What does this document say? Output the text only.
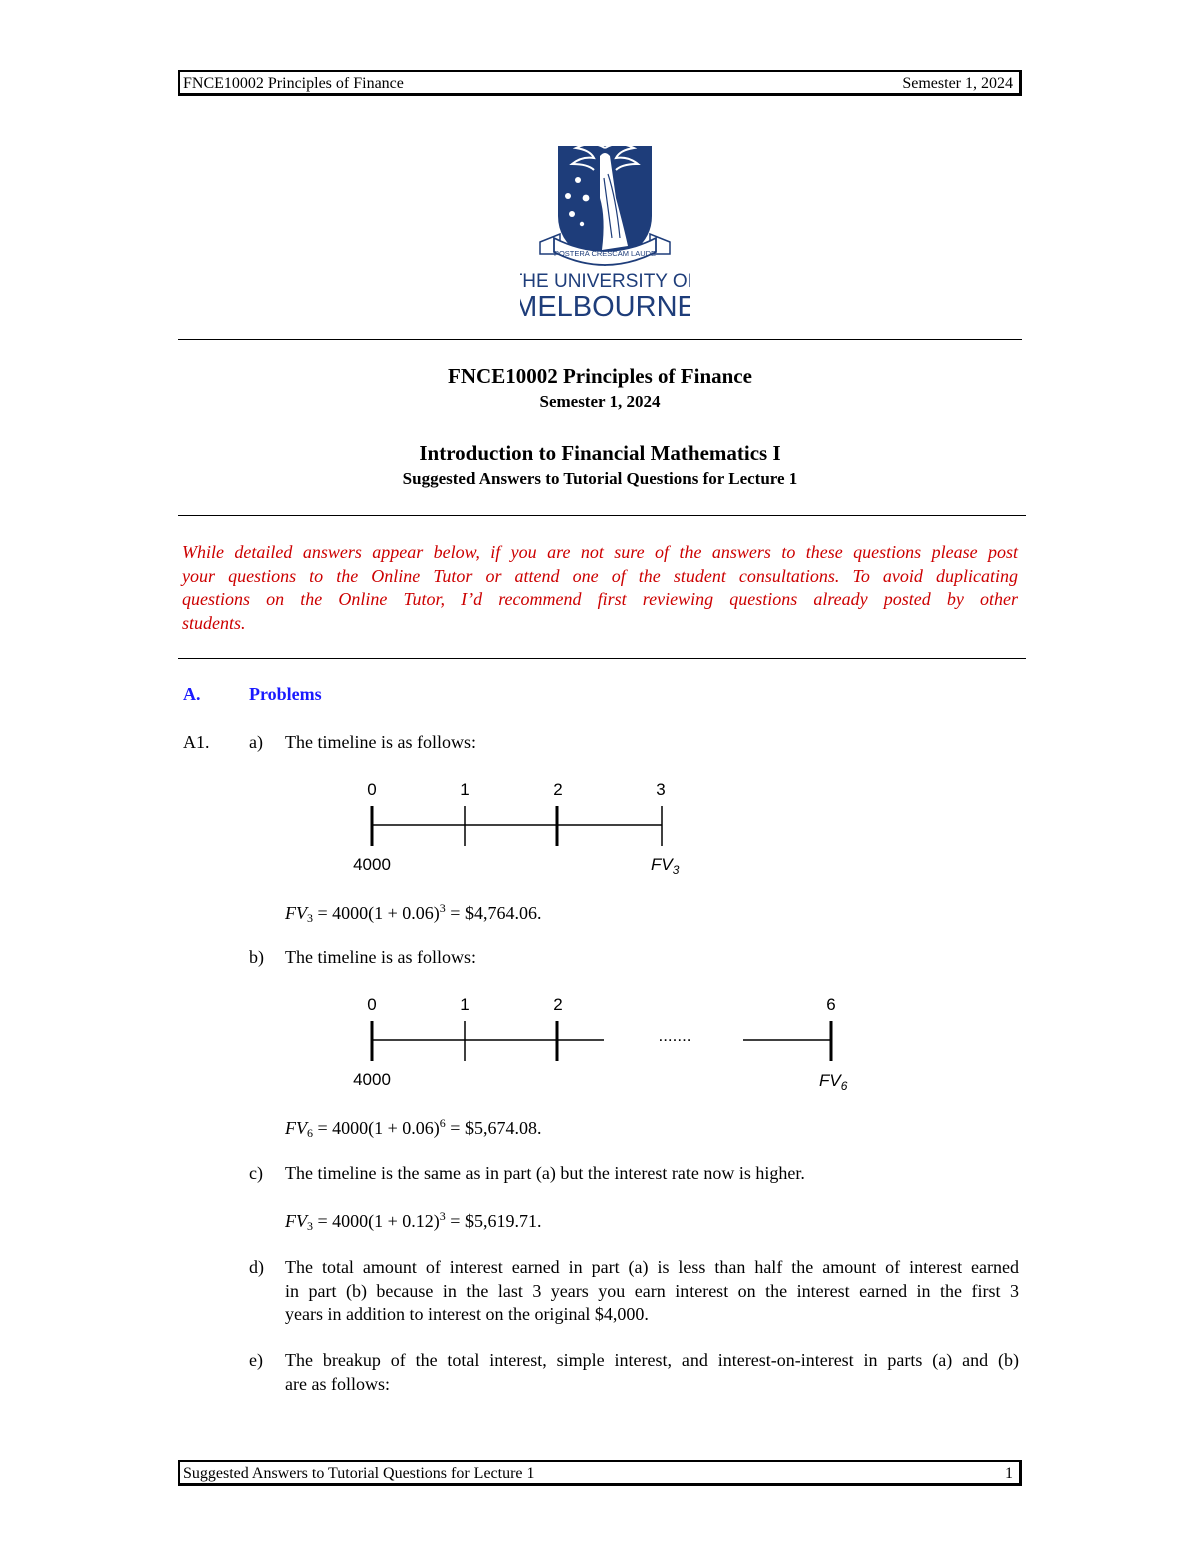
FNCE10002 Principles of Finance	Semester 1, 2024
POSTERA CRESCAM LAUDE
THE UNIVERSITY OF
MELBOURNE
FNCE10002 Principles of Finance
Semester 1, 2024
Introduction to Financial Mathematics I
Suggested Answers to Tutorial Questions for Lecture 1
While detailed answers appear below, if you are not sure of the answers to these questions please post
your questions to the Online Tutor or attend one of the student consultations. To avoid duplicating
questions on the Online Tutor, I’d recommend first reviewing questions already posted by other
students.
A.	Problems
A1. a) The timeline is as follows:
0	1	2	3
4000	$FV_3$
$FV_3 = 4000(1 + 0.06)^3$ = $4,764.06.
b) The timeline is as follows:
0	1	2	6
.......
4000	$FV_6$
$FV_6 = 4000(1 + 0.06)^6$ = $5,674.08.
c) The timeline is the same as in part (a) but the interest rate now is higher.
$FV_3 = 4000(1 + 0.12)^3$ = $5,619.71.
d) The total amount of interest earned in part (a) is less than half the amount of interest earned
in part (b) because in the last 3 years you earn interest on the interest earned in the first 3
years in addition to interest on the original $4,000.
e) The breakup of the total interest, simple interest, and interest-on-interest in parts (a) and (b)
are as follows:
Suggested Answers to Tutorial Questions for Lecture 1	1
